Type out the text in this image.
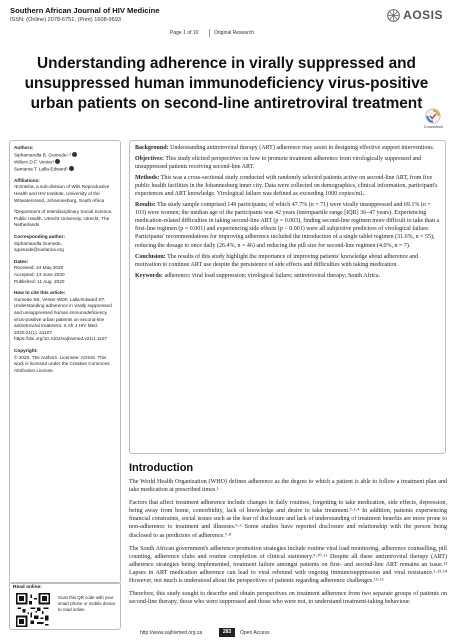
Southern African Journal of HIV Medicine
ISSN: (Online) 2078-6751, (Print) 1608-9693	AOSIS
Page 1 of 10	Original Research
Understanding adherence in virally suppressed and unsuppressed human immunodeficiency virus-positive urban patients on second-line antiretroviral treatment
CrossMark
Authors:
Siphamandla B. Gumede¹·²
Willem D.F. Venter¹
Samanta T. Lalla-Edward¹
Affiliations:
¹Ezintsha, a sub-division of Wits Reproductive Health and HIV Institute, University of the Witwatersrand, Johannesburg, South Africa
²Department of Interdisciplinary Social Science, Public Health, Utrecht University, Utrecht, The Netherlands
Corresponding author:
Siphamandla Gumede,
sgumede@carlarica.org
Dates:
Received: 24 May 2020
Accepted: 13 June 2020
Published: 11 Aug. 2020
How to cite this article:
Gumede SB, Venter WDF, Lalla-Edward ST. Understanding adherence in virally suppressed and unsuppressed human immunodeficiency virus-positive urban patients on second-line antiretroviral treatment. S Afr J HIV Med. 2020;21(1), a1107. https://doi.org/10.4102/sajhivmed.v21i1.1107
Copyright:
© 2020. The Authors. Licensee: AOSIS. This work is licensed under the Creative Commons Attribution License.
Read online:
Scan this QR code with your smart phone or mobile device to read online.

Background: Understanding antiretroviral therapy (ART) adherence may assist in designing effective support interventions.

Objectives: This study elicited perspectives on how to promote treatment adherence from virologically suppressed and unsuppressed patients receiving second-line ART.

Methods: This was a cross-sectional study conducted with randomly selected patients active on second-line ART, from five public health facilities in the Johannesburg inner city. Data were collected on demographics, clinical information, participant's experiences and ART knowledge. Virological failure was defined as exceeding 1000 copies/mL.

Results: The study sample comprised 149 participants; of which 47.7% (n = 71) were virally unsuppressed and 69.1% (n = 103) were women; the median age of the participants was 42 years (interquartile range [IQR] 36–47 years). Experiencing medication-related difficulties in taking second-line ART (p = 0.003), finding second-line regimen more difficult to take than a first-line regimen (p = 0.001) and experiencing side effects (p < 0.001) were all subjective predictors of virological failure. Participants' recommendations for improving adherence included the introduction of a single tablet regimen (31.6%, n = 55), reducing the dosage to once daily (26.4%, n = 46) and reducing the pill size for second-line regimen (4.0%, n = 7).

Conclusion: The results of this study highlight the importance of improving patients' knowledge about adherence and motivation to continue ART use despite the persistence of side effects and difficulties with taking medication.

Keywords: adherence; viral load suppression; virological failure; antiretroviral therapy; South Africa.

Introduction

The World Health Organization (WHO) defines adherence as the degree to which a patient is able to follow a treatment plan and take medication at prescribed times.¹

Factors that affect treatment adherence include changes in daily routines, forgetting to take medication, side effects, depression, being away from home, comorbidity, lack of knowledge and desire to take treatment.²·³·⁴ In addition, patients experiencing financial constraints, social issues such as the fear of disclosure and lack of understanding of treatment benefits are more prone to non-adherence to treatment and illnesses.⁵·⁶ Some studies have reported disclosure and relationship with the person being disclosed to as predictors of adherence.⁷·⁸

The South African government's adherence promotion strategies include routine viral load monitoring, adherence counselling, pill counting, adherence clubs and routine completion of clinical stationery.⁹·¹⁰·¹¹ Despite all these antiretroviral therapy (ART) adherence strategies being implemented, treatment failure amongst patients on first- and second-line ART remains an issue.¹² Lapses in ART medication adherence can lead to viral rebound with ongoing immunosuppression and viral resistance.¹·¹³·¹⁴ However, not much is understood about the perspectives of patients regarding adherence challenges.¹⁵·¹⁶

Therefore, this study sought to describe and obtain perspectives on treatment adherence from two separate groups of patients on second-line therapy, those who were suppressed and those who were not, to understand treatment-taking behaviour.

http://www.sajhivmed.org.za	283	Open Access
